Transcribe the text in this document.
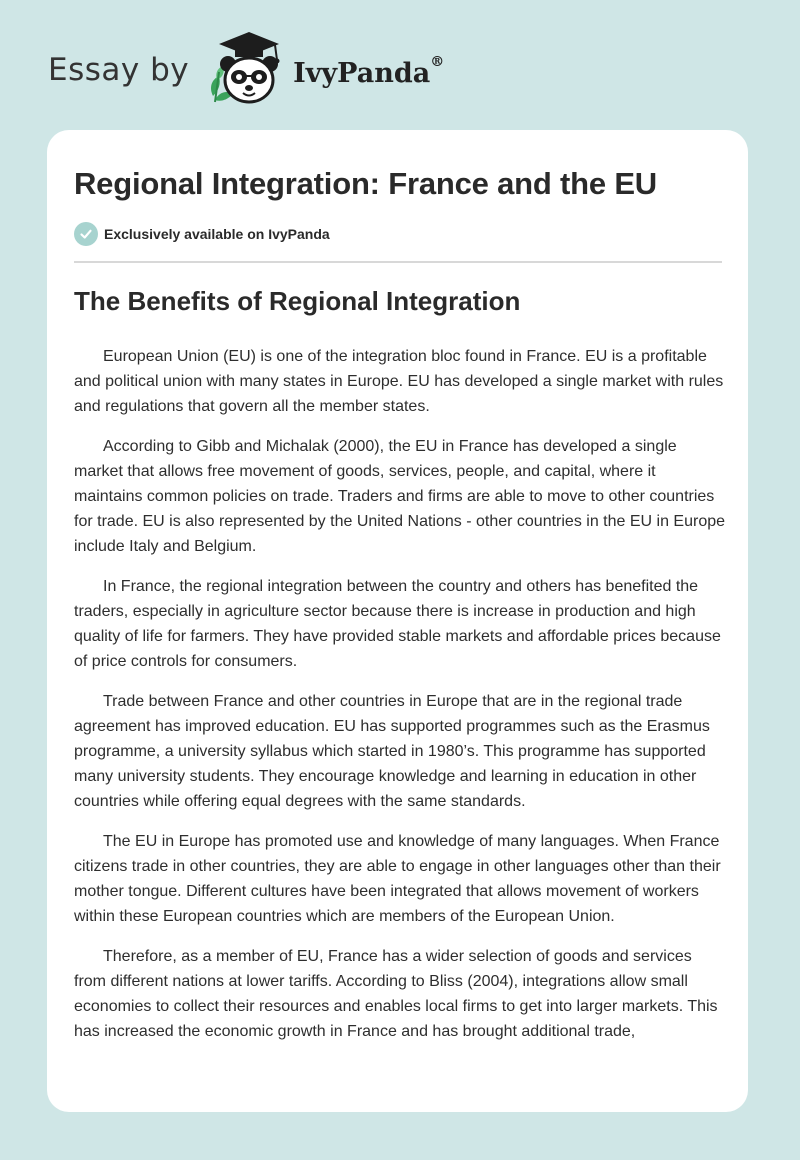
Essay by	IvyPanda®
Regional Integration: France and the EU
Exclusively available on IvyPanda
The Benefits of Regional Integration

European Union (EU) is one of the integration bloc found in France. EU is a profitable and political union with many states in Europe. EU has developed a single market with rules and regulations that govern all the member states.

According to Gibb and Michalak (2000), the EU in France has developed a single market that allows free movement of goods, services, people, and capital, where it maintains common policies on trade. Traders and firms are able to move to other countries for trade. EU is also represented by the United Nations - other countries in the EU in Europe include Italy and Belgium.

In France, the regional integration between the country and others has benefited the traders, especially in agriculture sector because there is increase in production and high quality of life for farmers. They have provided stable markets and affordable prices because of price controls for consumers.

Trade between France and other countries in Europe that are in the regional trade agreement has improved education. EU has supported programmes such as the Erasmus programme, a university syllabus which started in 1980’s. This programme has supported many university students. They encourage knowledge and learning in education in other countries while offering equal degrees with the same standards.

The EU in Europe has promoted use and knowledge of many languages. When France citizens trade in other countries, they are able to engage in other languages other than their mother tongue. Different cultures have been integrated that allows movement of workers within these European countries which are members of the European Union.

Therefore, as a member of EU, France has a wider selection of goods and services from different nations at lower tariffs. According to Bliss (2004), integrations allow small economies to collect their resources and enables local firms to get into larger markets. This has increased the economic growth in France and has brought additional trade,
